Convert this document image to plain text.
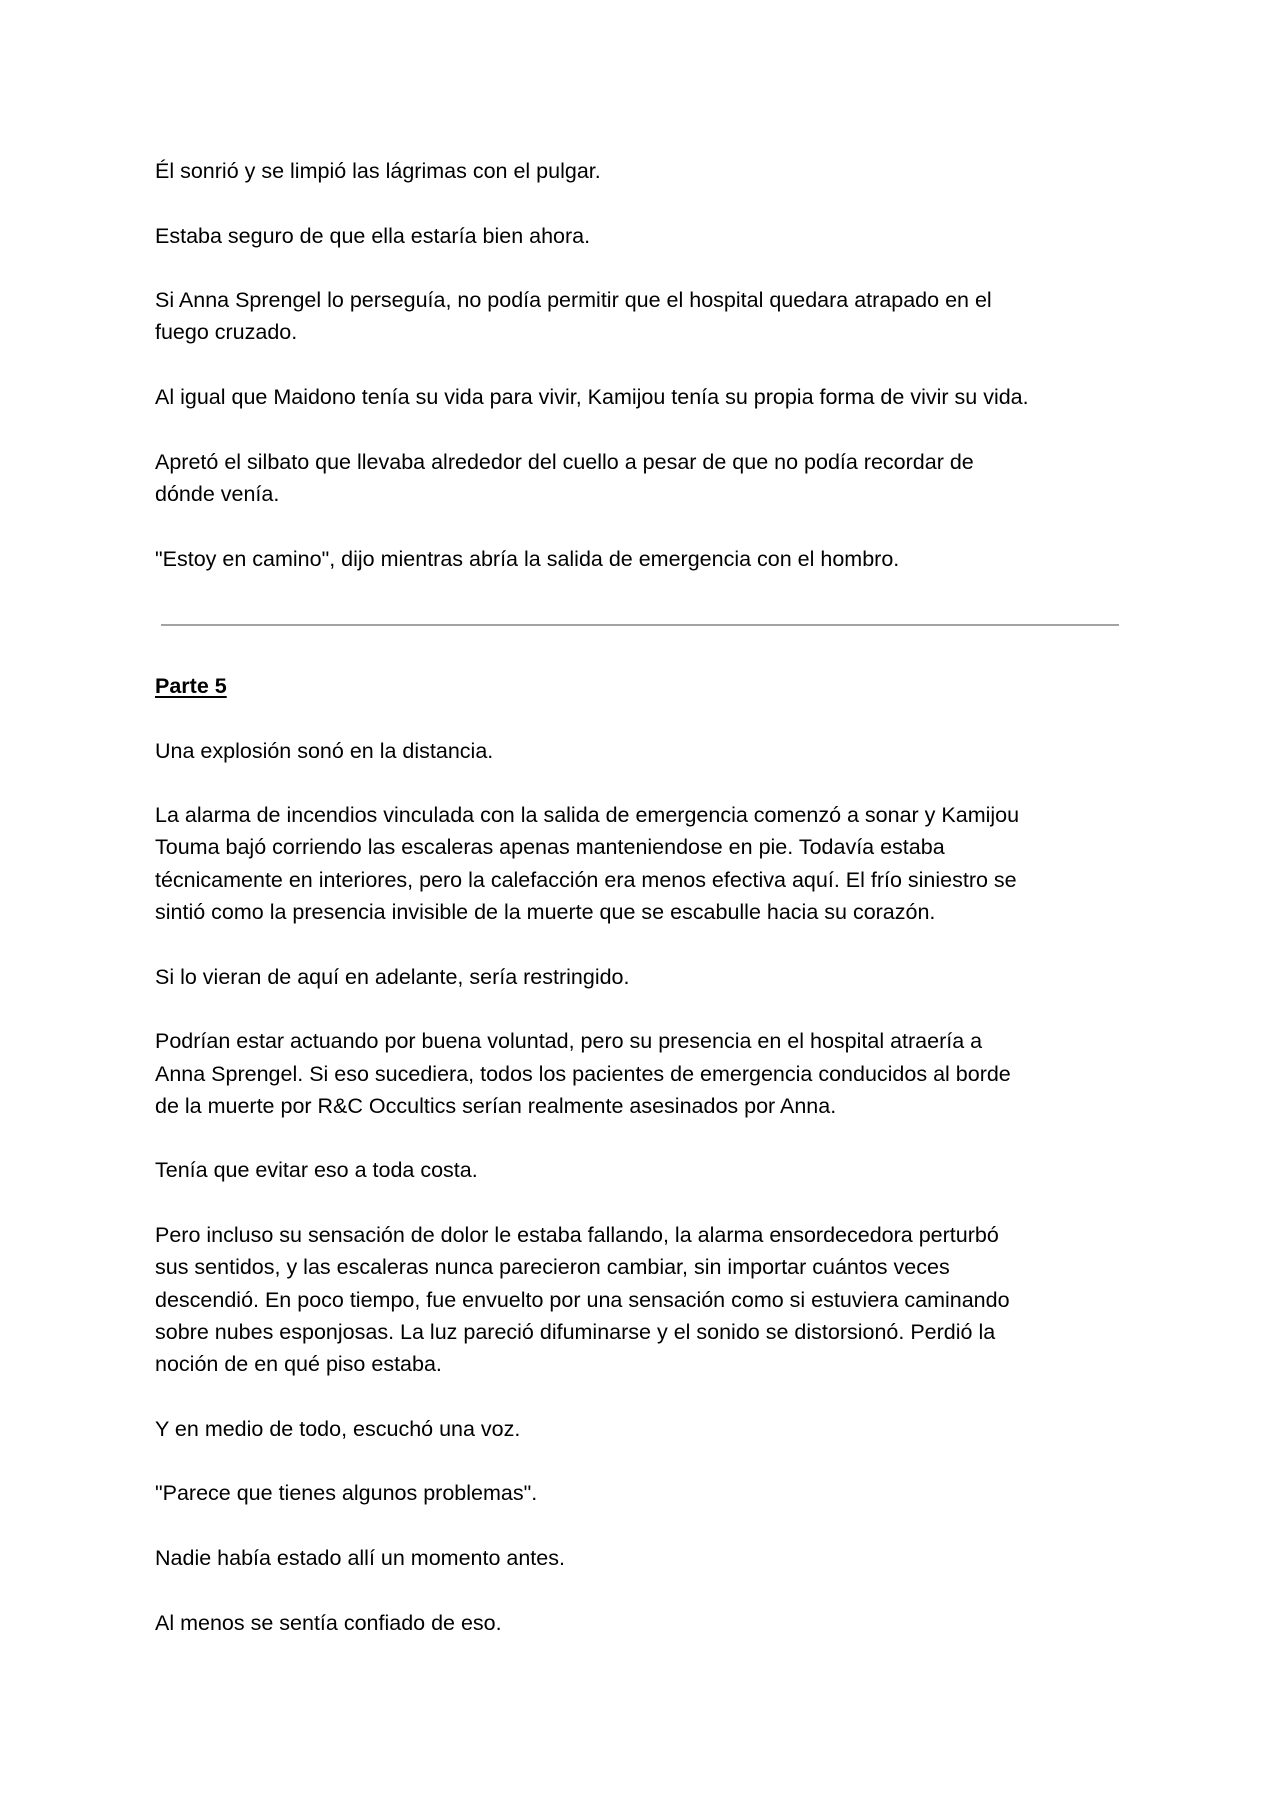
Él sonrió y se limpió las lágrimas con el pulgar.

Estaba seguro de que ella estaría bien ahora.

Si Anna Sprengel lo perseguía, no podía permitir que el hospital quedara atrapado en el
fuego cruzado.

Al igual que Maidono tenía su vida para vivir, Kamijou tenía su propia forma de vivir su vida.

Apretó el silbato que llevaba alrededor del cuello a pesar de que no podía recordar de
dónde venía.

"Estoy en camino", dijo mientras abría la salida de emergencia con el hombro.

Parte 5

Una explosión sonó en la distancia.

La alarma de incendios vinculada con la salida de emergencia comenzó a sonar y Kamijou
Touma bajó corriendo las escaleras apenas manteniendose en pie. Todavía estaba
técnicamente en interiores, pero la calefacción era menos efectiva aquí. El frío siniestro se
sintió como la presencia invisible de la muerte que se escabulle hacia su corazón.

Si lo vieran de aquí en adelante, sería restringido.

Podrían estar actuando por buena voluntad, pero su presencia en el hospital atraería a
Anna Sprengel. Si eso sucediera, todos los pacientes de emergencia conducidos al borde
de la muerte por R&C Occultics serían realmente asesinados por Anna.

Tenía que evitar eso a toda costa.

Pero incluso su sensación de dolor le estaba fallando, la alarma ensordecedora perturbó
sus sentidos, y las escaleras nunca parecieron cambiar, sin importar cuántos veces
descendió. En poco tiempo, fue envuelto por una sensación como si estuviera caminando
sobre nubes esponjosas. La luz pareció difuminarse y el sonido se distorsionó. Perdió la
noción de en qué piso estaba.

Y en medio de todo, escuchó una voz.

"Parece que tienes algunos problemas".

Nadie había estado allí un momento antes.

Al menos se sentía confiado de eso.
